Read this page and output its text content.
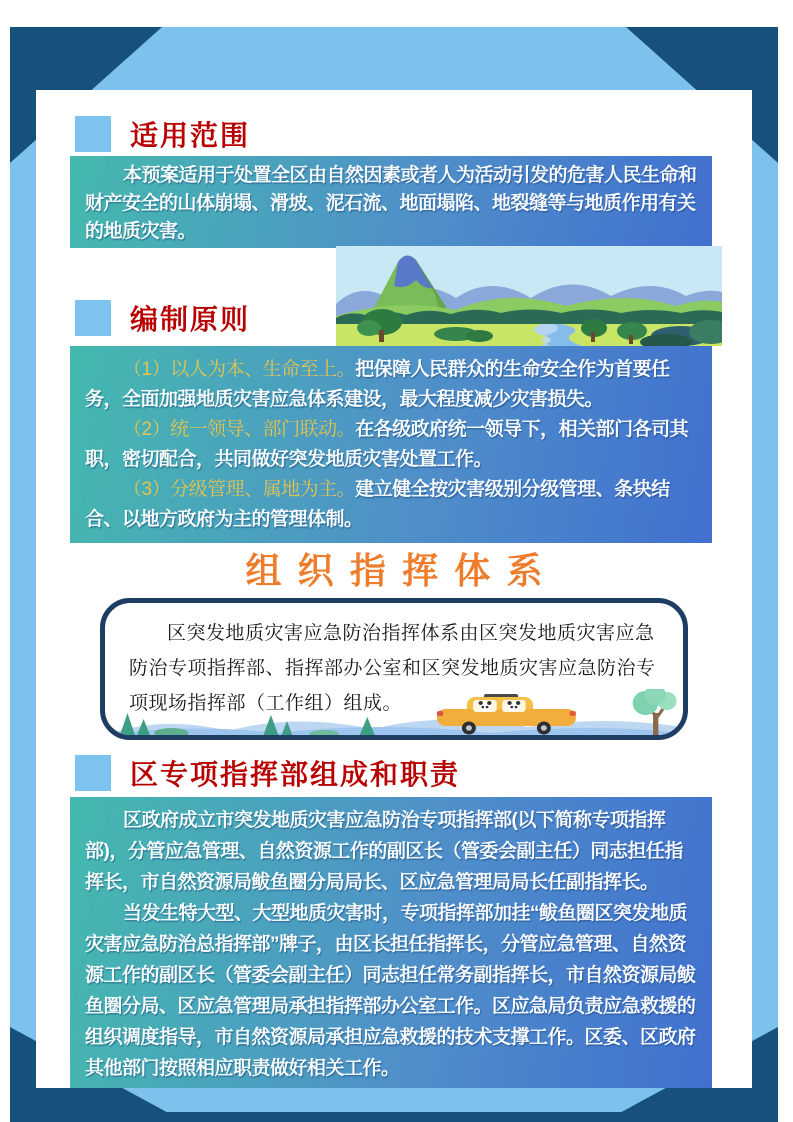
适用范围

本预案适用于处置全区由自然因素或者人为活动引发的危害人民生命和财产安全的山体崩塌、滑坡、泥石流、地面塌陷、地裂缝等与地质作用有关的地质灾害。

编制原则

（1）以人为本、生命至上。把保障人民群众的生命安全作为首要任务，全面加强地质灾害应急体系建设，最大程度减少灾害损失。

（2）统一领导、部门联动。在各级政府统一领导下，相关部门各司其职，密切配合，共同做好突发地质灾害处置工作。

（3）分级管理、属地为主。建立健全按灾害级别分级管理、条块结合、以地方政府为主的管理体制。

组织指挥体系

区突发地质灾害应急防治指挥体系由区突发地质灾害应急防治专项指挥部、指挥部办公室和区突发地质灾害应急防治专项现场指挥部（工作组）组成。

区专项指挥部组成和职责

区政府成立市突发地质灾害应急防治专项指挥部(以下简称专项指挥部)，分管应急管理、自然资源工作的副区长（管委会副主任）同志担任指挥长，市自然资源局鲅鱼圈分局局长、区应急管理局局长任副指挥长。

当发生特大型、大型地质灾害时，专项指挥部加挂“鲅鱼圈区突发地质灾害应急防治总指挥部”牌子，由区长担任指挥长，分管应急管理、自然资源工作的副区长（管委会副主任）同志担任常务副指挥长，市自然资源局鲅鱼圈分局、区应急管理局承担指挥部办公室工作。区应急局负责应急救援的组织调度指导，市自然资源局承担应急救援的技术支撑工作。区委、区政府其他部门按照相应职责做好相关工作。
